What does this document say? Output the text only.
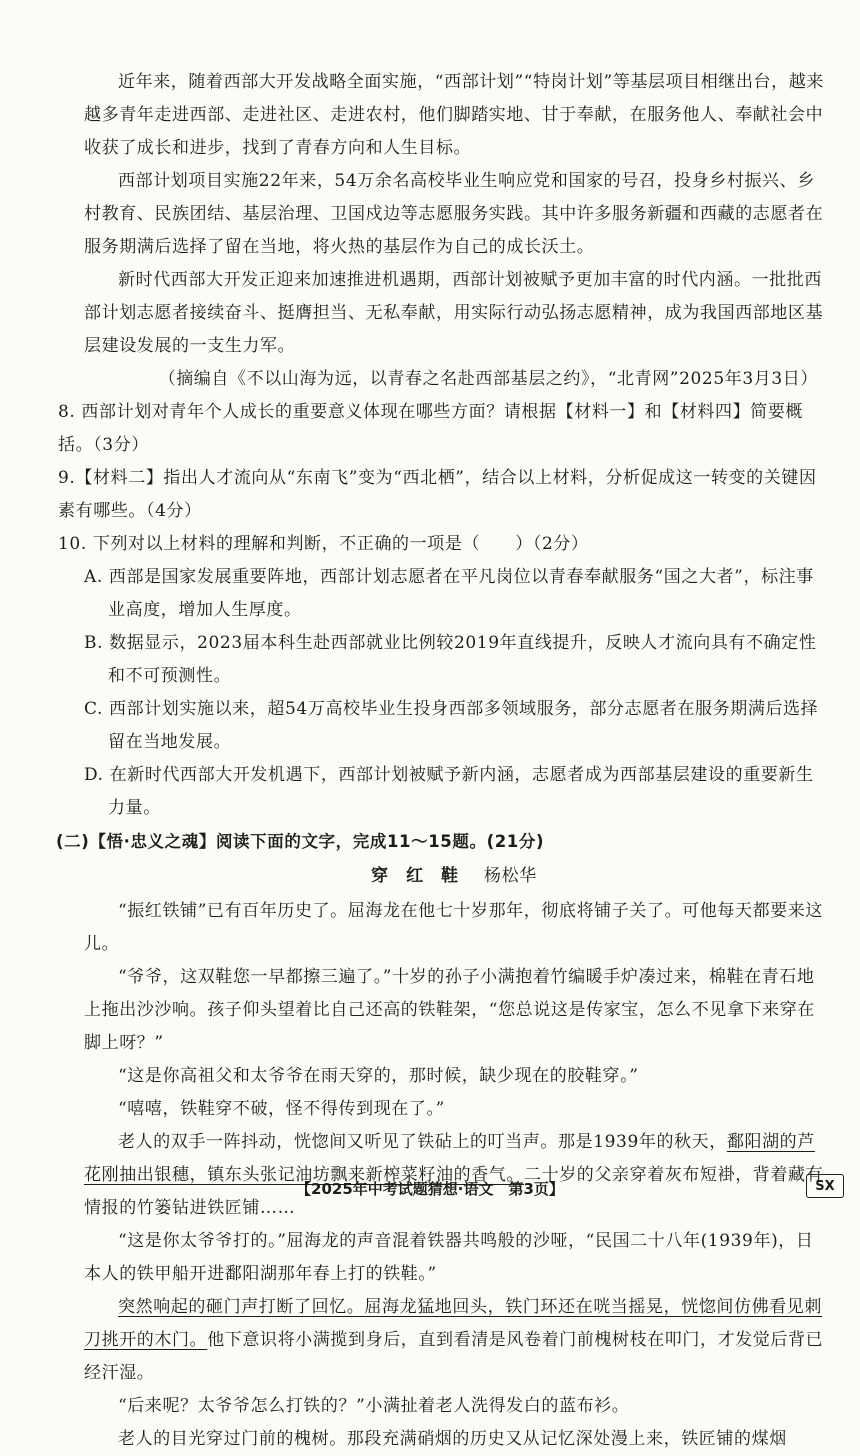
近年来，随着西部大开发战略全面实施，“西部计划”“特岗计划”等基层项目相继出台，越来越多青年走进西部、走进社区、走进农村，他们脚踏实地、甘于奉献，在服务他人、奉献社会中收获了成长和进步，找到了青春方向和人生目标。

西部计划项目实施22年来，54万余名高校毕业生响应党和国家的号召，投身乡村振兴、乡村教育、民族团结、基层治理、卫国戍边等志愿服务实践。其中许多服务新疆和西藏的志愿者在服务期满后选择了留在当地，将火热的基层作为自己的成长沃土。

新时代西部大开发正迎来加速推进机遇期，西部计划被赋予更加丰富的时代内涵。一批批西部计划志愿者接续奋斗、挺膺担当、无私奉献，用实际行动弘扬志愿精神，成为我国西部地区基层建设发展的一支生力军。

（摘编自《不以山海为远，以青春之名赴西部基层之约》，“北青网”2025年3月3日）

8. 西部计划对青年个人成长的重要意义体现在哪些方面？请根据【材料一】和【材料四】简要概括。（3分）

9.【材料二】指出人才流向从“东南飞”变为“西北栖”，结合以上材料，分析促成这一转变的关键因素有哪些。（4分）

10. 下列对以上材料的理解和判断，不正确的一项是（　　）（2分）

A. 西部是国家发展重要阵地，西部计划志愿者在平凡岗位以青春奉献服务“国之大者”，标注事业高度，增加人生厚度。

B. 数据显示，2023届本科生赴西部就业比例较2019年直线提升，反映人才流向具有不确定性和不可预测性。

C. 西部计划实施以来，超54万高校毕业生投身西部多领域服务，部分志愿者在服务期满后选择留在当地发展。

D. 在新时代西部大开发机遇下，西部计划被赋予新内涵，志愿者成为西部基层建设的重要新生力量。

(二)【悟·忠义之魂】阅读下面的文字，完成11～15题。(21分)

穿 红 鞋 杨松华

“振红铁铺”已有百年历史了。屈海龙在他七十岁那年，彻底将铺子关了。可他每天都要来这儿。

“爷爷，这双鞋您一早都擦三遍了。”十岁的孙子小满抱着竹编暖手炉凑过来，棉鞋在青石地上拖出沙沙响。孩子仰头望着比自己还高的铁鞋架，“您总说这是传家宝，怎么不见拿下来穿在脚上呀？”

“这是你高祖父和太爷爷在雨天穿的，那时候，缺少现在的胶鞋穿。”

“嘻嘻，铁鞋穿不破，怪不得传到现在了。”

老人的双手一阵抖动，恍惚间又听见了铁砧上的叮当声。那是1939年的秋天，鄱阳湖的芦花刚抽出银穗，镇东头张记油坊飘来新榨菜籽油的香气。二十岁的父亲穿着灰布短褂，背着藏有情报的竹篓钻进铁匠铺……

“这是你太爷爷打的。”屈海龙的声音混着铁器共鸣般的沙哑，“民国二十八年(1939年)，日本人的铁甲船开进鄱阳湖那年春上打的铁鞋。”

突然响起的砸门声打断了回忆。屈海龙猛地回头，铁门环还在咣当摇晃，恍惚间仿佛看见刺刀挑开的木门。他下意识将小满揽到身后，直到看清是风卷着门前槐树枝在叩门，才发觉后背已经汗湿。

“后来呢？太爷爷怎么打铁的？”小满扯着老人洗得发白的蓝布衫。

老人的目光穿过门前的槐树。那段充满硝烟的历史又从记忆深处漫上来，铁匠铺的煤烟

【2025年中考试题猜想·语文　第3页】	SX
